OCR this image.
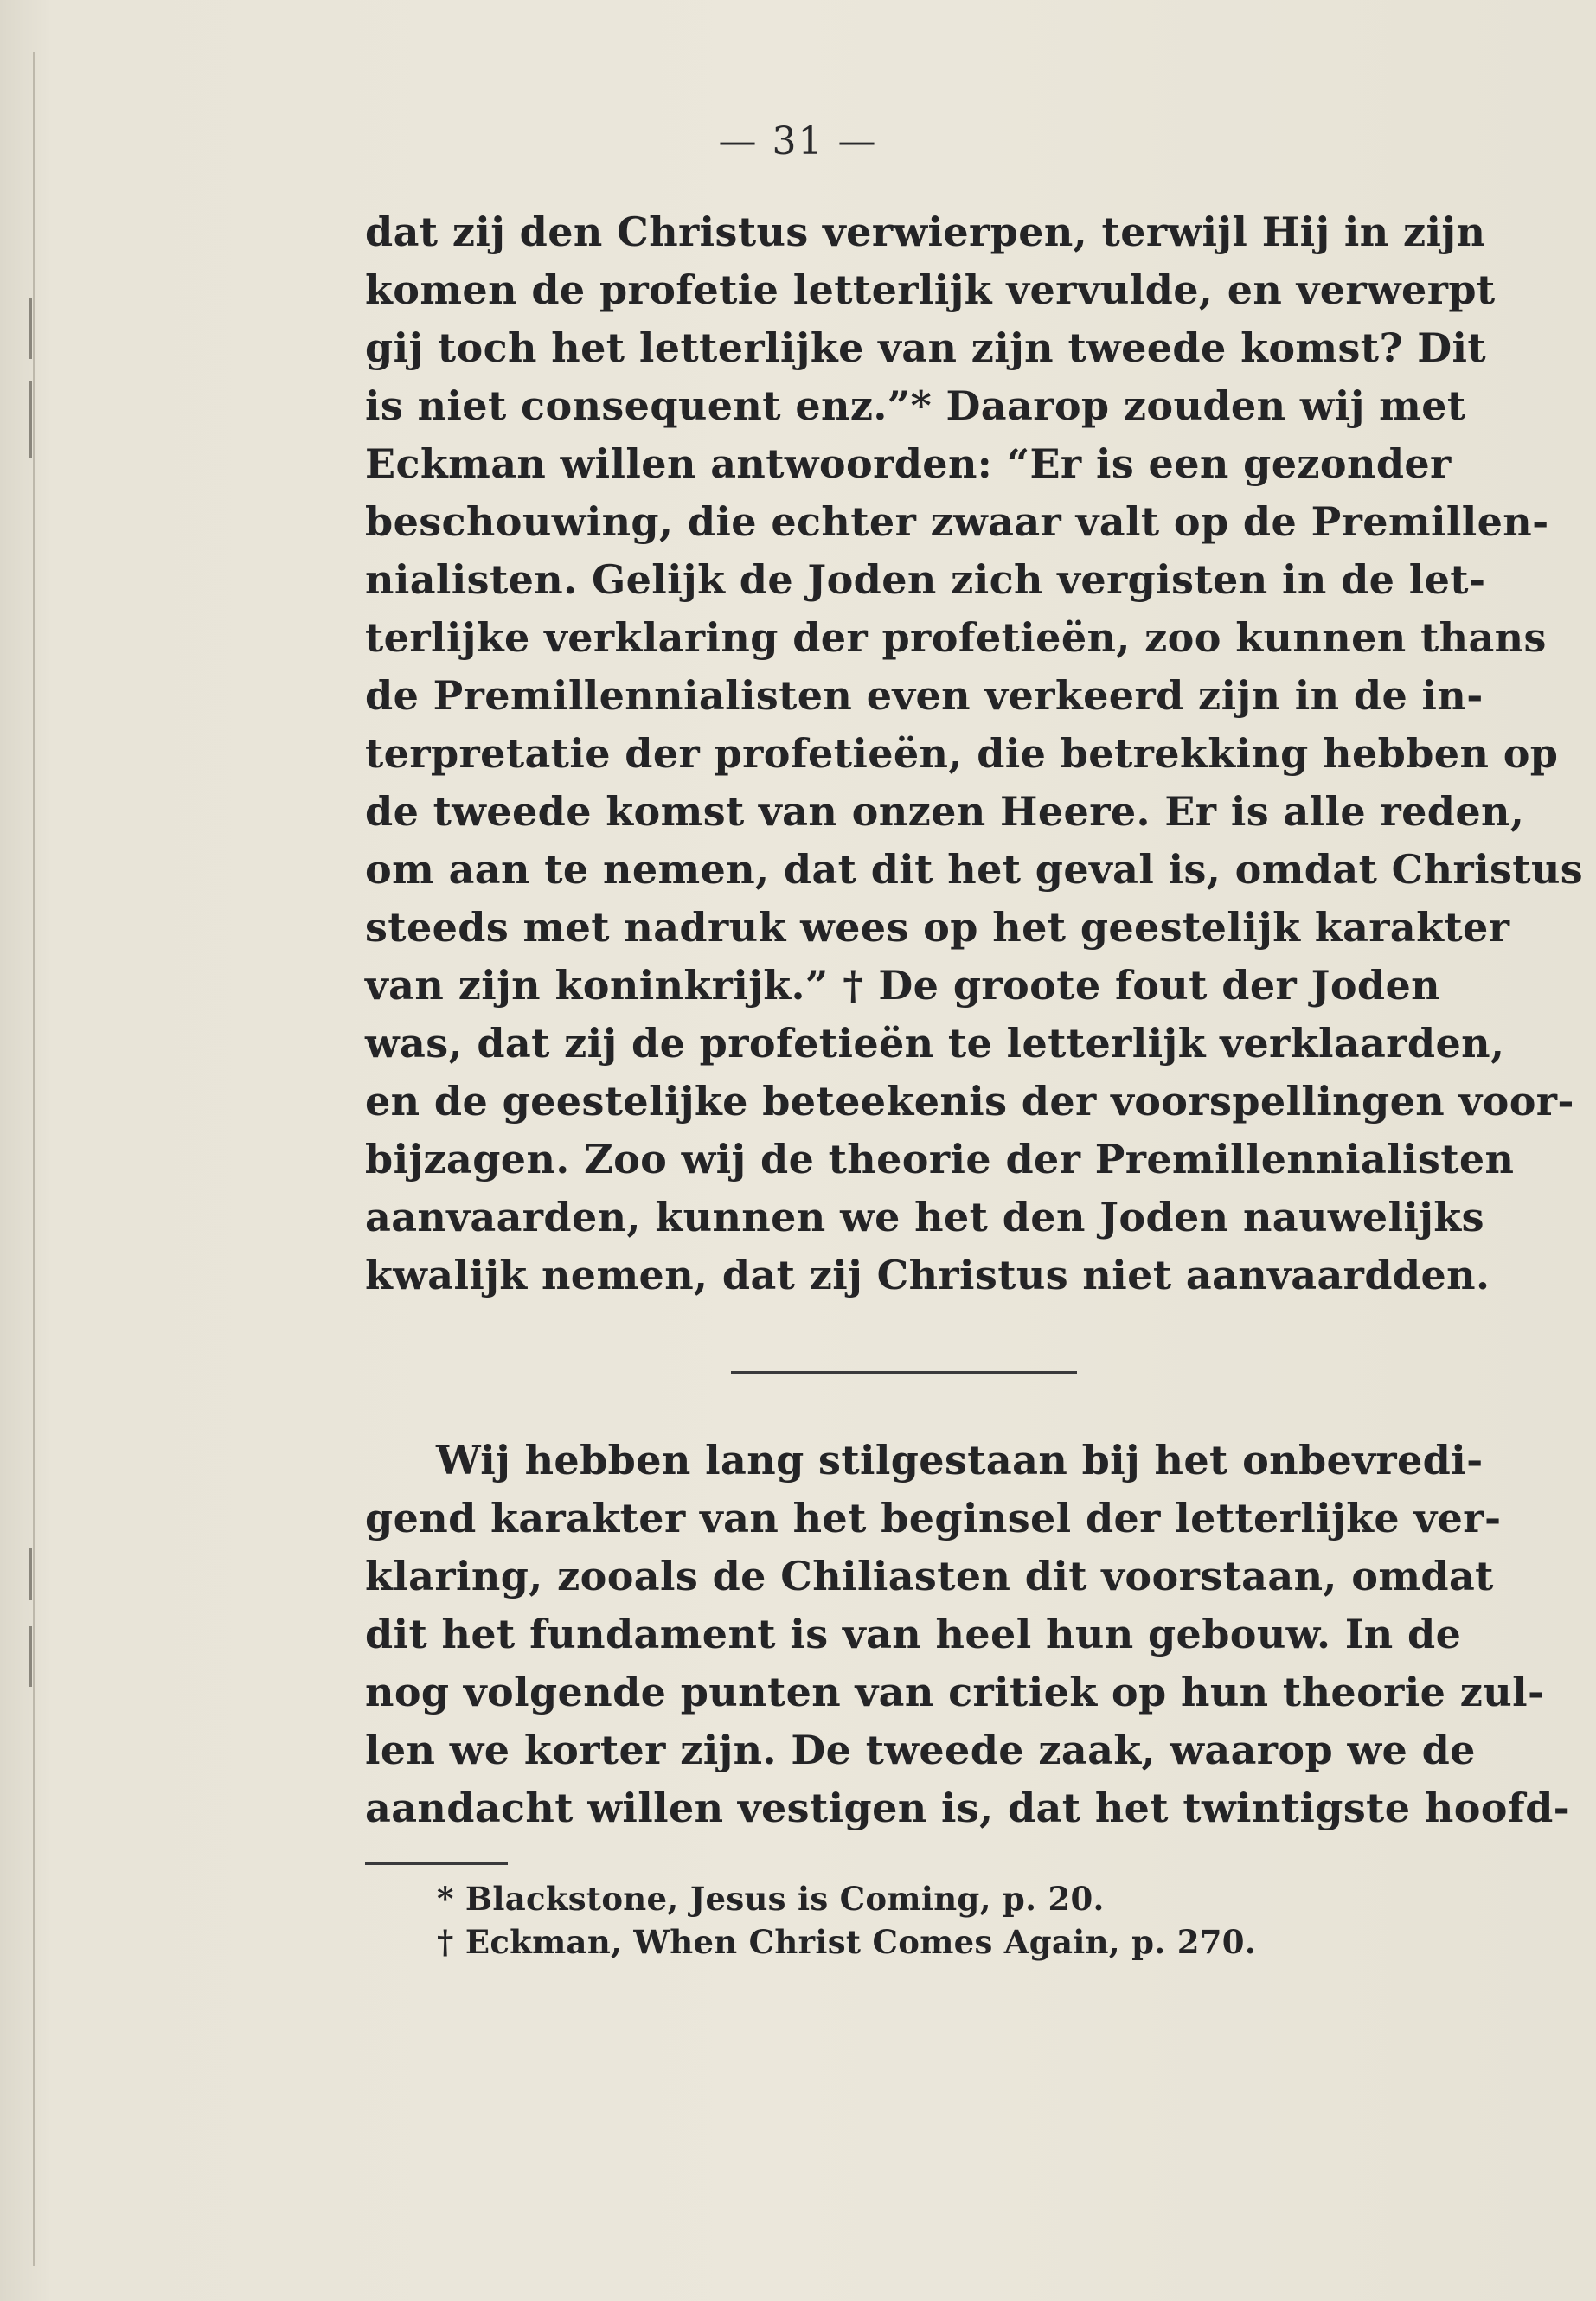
— 31 —
dat zij den Christus verwierpen, terwijl Hij in zijn
komen de profetie letterlijk vervulde, en verwerpt
gij toch het letterlijke van zijn tweede komst? Dit
is niet consequent enz.”* Daarop zouden wij met
Eckman willen antwoorden: “Er is een gezonder
beschouwing, die echter zwaar valt op de Premillen-
nialisten. Gelijk de Joden zich vergisten in de let-
terlijke verklaring der profetieën, zoo kunnen thans
de Premillennialisten even verkeerd zijn in de in-
terpretatie der profetieën, die betrekking hebben op
de tweede komst van onzen Heere. Er is alle reden,
om aan te nemen, dat dit het geval is, omdat Christus
steeds met nadruk wees op het geestelijk karakter
van zijn koninkrijk.” † De groote fout der Joden
was, dat zij de profetieën te letterlijk verklaarden,
en de geestelijke beteekenis der voorspellingen voor-
bijzagen. Zoo wij de theorie der Premillennialisten
aanvaarden, kunnen we het den Joden nauwelijks
kwalijk nemen, dat zij Christus niet aanvaardden.
Wij hebben lang stilgestaan bij het onbevredi-
gend karakter van het beginsel der letterlijke ver-
klaring, zooals de Chiliasten dit voorstaan, omdat
dit het fundament is van heel hun gebouw. In de
nog volgende punten van critiek op hun theorie zul-
len we korter zijn. De tweede zaak, waarop we de
aandacht willen vestigen is, dat het twintigste hoofd-
* Blackstone, Jesus is Coming, p. 20.
† Eckman, When Christ Comes Again, p. 270.
